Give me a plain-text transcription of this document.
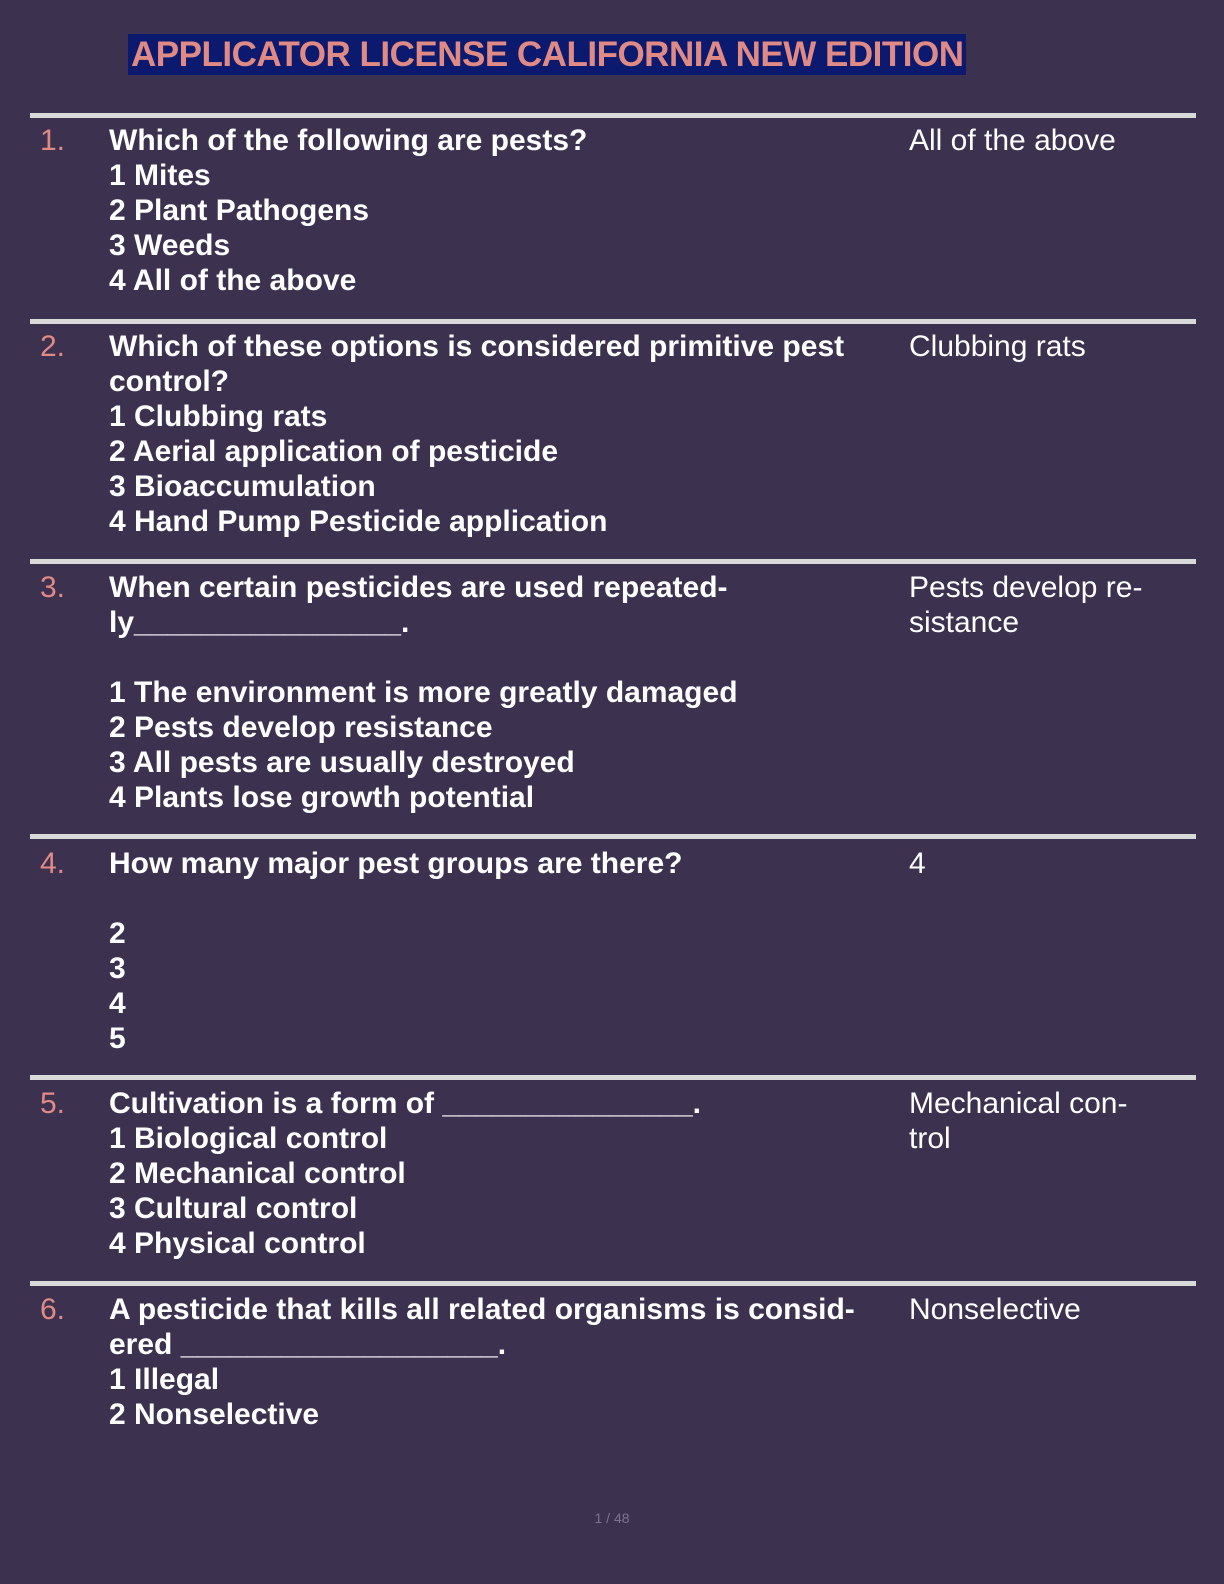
APPLICATOR LICENSE CALIFORNIA NEW EDITION
1. Which of the following are pests?
1 Mites
2 Plant Pathogens
3 Weeds
4 All of the above
All of the above
2. Which of these options is considered primitive pest
control?
1 Clubbing rats
2 Aerial application of pesticide
3 Bioaccumulation
4 Hand Pump Pesticide application
Clubbing rats
3. When certain pesticides are used repeated-
ly________________.
1 The environment is more greatly damaged
2 Pests develop resistance
3 All pests are usually destroyed
4 Plants lose growth potential
Pests develop re-
sistance
4. How many major pest groups are there?
2
3
4
5
4
5. Cultivation is a form of _______________.
1 Biological control
2 Mechanical control
3 Cultural control
4 Physical control
Mechanical con-
trol
6. A pesticide that kills all related organisms is consid-
ered ___________________.
1 Illegal
2 Nonselective
Nonselective
1 / 48
